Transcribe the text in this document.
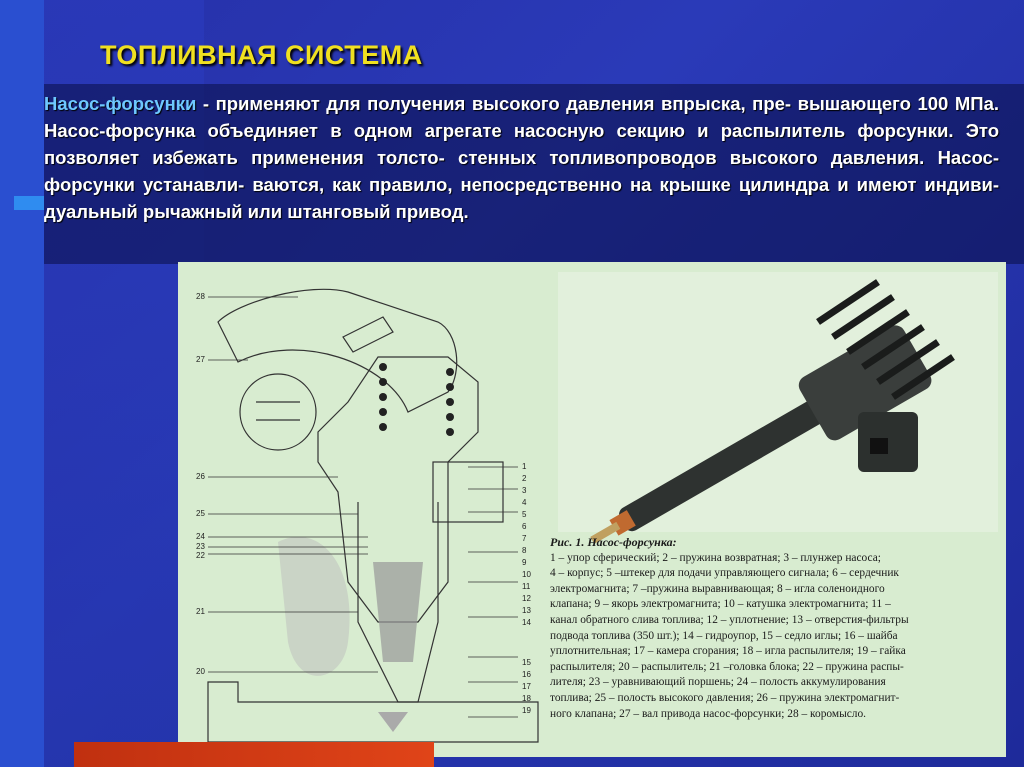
ТОПЛИВНАЯ СИСТЕМА
Насос-форсунки - применяют для получения высокого давления впрыска, пре- вышающего 100 МПа. Насос-форсунка объединяет в одном агрегате насосную секцию и распылитель форсунки. Это позволяет избежать применения толсто- стенных топливопроводов высокого давления. Насос-форсунки устанавли- ваются, как правило, непосредственно на крышке цилиндра и имеют индиви- дуальный рычажный или штанговый привод.
28
27
26
25
24
23
22
21
20
1
2
3
4
5
6
7
8
9
10
11
12
13
14
15
16
17
18
19
Рис. 1. Насос-форсунка:
1 – упор сферический; 2 – пружина возвратная; 3 – плунжер насоса;
4 – корпус; 5 –штекер для подачи управляющего сигнала; 6 – сердечник
электромагнита; 7 –пружина выравнивающая; 8 – игла соленоидного
клапана; 9 – якорь электромагнита; 10 – катушка электромагнита; 11 –
канал обратного слива топлива; 12 – уплотнение; 13 – отверстия-фильтры
подвода топлива (350 шт.); 14 – гидроупор, 15 – седло иглы; 16 – шайба
уплотнительная; 17 – камера сгорания; 18 – игла распылителя; 19 – гайка
распылителя; 20 – распылитель; 21 –головка блока; 22 – пружина распы-
лителя; 23 – уравнивающий поршень; 24 – полость аккумулирования
топлива; 25 – полость высокого давления; 26 – пружина электромагнит-
ного клапана; 27 – вал привода насос-форсунки; 28 – коромысло.
